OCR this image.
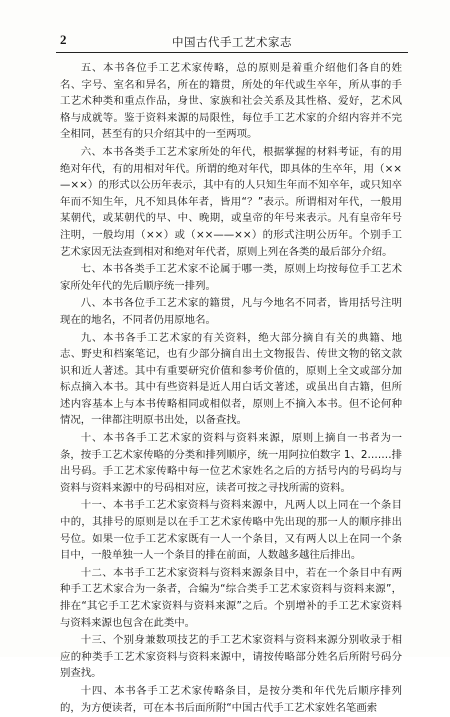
2	中国古代手工艺术家志

五、本书各位手工艺术家传略，总的原则是着重介绍他们各自的姓名、字号、室名和异名，所在的籍贯，所处的年代或生卒年，所从事的手工艺术种类和重点作品，身世、家族和社会关系及其性格、爱好，艺术风格与成就等。鉴于资料来源的局限性，每位手工艺术家的介绍内容并不完全相同，甚至有的只介绍其中的一至两项。

六、本书各类手工艺术家所处的年代，根据掌握的材料考证，有的用绝对年代，有的用相对年代。所谓的绝对年代，即具体的生卒年，用（××—××）的形式以公历年表示，其中有的人只知生年而不知卒年，或只知卒年而不知生年，凡不知具体年者，皆用“？”表示。所谓相对年代，一般用某朝代，或某朝代的早、中、晚期，或皇帝的年号来表示。凡有皇帝年号注明，一般均用（××）或（××——××）的形式注明公历年。个别手工艺术家因无法查到相对和绝对年代者，原则上列在各类的最后部分介绍。

七、本书各类手工艺术家不论属于哪一类，原则上均按每位手工艺术家所处年代的先后顺序统一排列。

八、本书各位手工艺术家的籍贯，凡与今地名不同者，皆用括号注明现在的地名，不同者仍用原地名。

九、本书各手工艺术家的有关资料，绝大部分摘自有关的典籍、地志、野史和档案笔记，也有少部分摘自出土文物报告、传世文物的铭文款识和近人著述。其中有重要研究价值和参考价值的，原则上全文或部分加标点摘入本书。其中有些资料是近人用白话文著述，或虽出自古籍，但所述内容基本上与本书传略相同或相似者，原则上不摘入本书。但不论何种情况，一律都注明原书出处，以备查找。

十、本书各手工艺术家的资料与资料来源，原则上摘自一书者为一条，按手工艺术家传略的分类和排列顺序，统一用阿拉伯数字 1、2.……排出号码。手工艺术家传略中每一位艺术家姓名之后的方括号内的号码均与资料与资料来源中的号码相对应，读者可按之寻找所需的资料。

十一、本书手工艺术家资料与资料来源中，凡两人以上同在一个条目中的，其排号的原则是以在手工艺术家传略中先出现的那一人的顺序排出号位。如果一位手工艺术家既有一人一个条目，又有两人以上在同一个条目中，一般单独一人一个条目的排在前面，人数越多越往后排出。

十二、本书手工艺术家资料与资料来源条目中，若在一个条目中有两种手工艺术家合为一条者，合编为“综合类手工艺术家资料与资料来源”，排在“其它手工艺术家资料与资料来源”之后。个别增补的手工艺术家资料与资料来源也包含在此类中。

十三、个别身兼数项技艺的手工艺术家资料与资料来源分别收录于相应的种类手工艺术家资料与资料来源中，请按传略部分姓名后所附号码分别查找。

十四、本书各手工艺术家传略条目，是按分类和年代先后顺序排列的，为方便读者，可在本书后面所附“中国古代手工艺术家姓名笔画索
